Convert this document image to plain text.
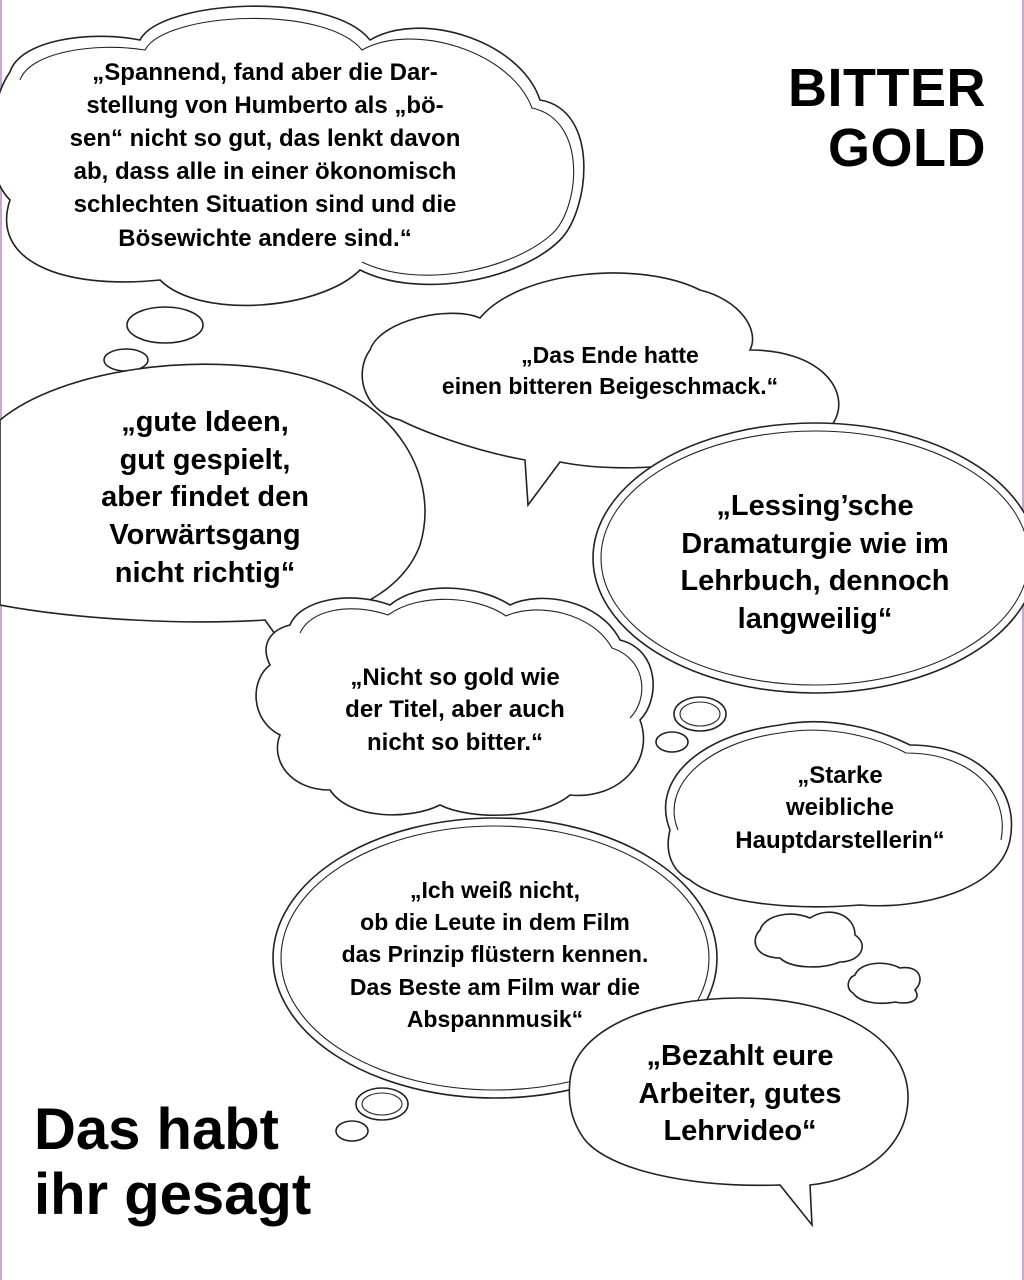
BITTER
GOLD
„Spannend, fand aber die Dar-
stellung von Humberto als „bö-
sen“ nicht so gut, das lenkt davon
ab, dass alle in einer ökonomisch
schlechten Situation sind und die
Bösewichte andere sind.“
„Das Ende hatte
einen bitteren Beigeschmack.“
„gute Ideen,
gut gespielt,
aber findet den
Vorwärtsgang
nicht richtig“
„Lessing’sche
Dramaturgie wie im
Lehrbuch, dennoch
langweilig“
„Nicht so gold wie
der Titel, aber auch
nicht so bitter.“
„Starke
weibliche
Hauptdarstellerin“
„Ich weiß nicht,
ob die Leute in dem Film
das Prinzip flüstern kennen.
Das Beste am Film war die
Abspannmusik“
„Bezahlt eure
Arbeiter, gutes
Lehrvideo“
Das habt
ihr gesagt
